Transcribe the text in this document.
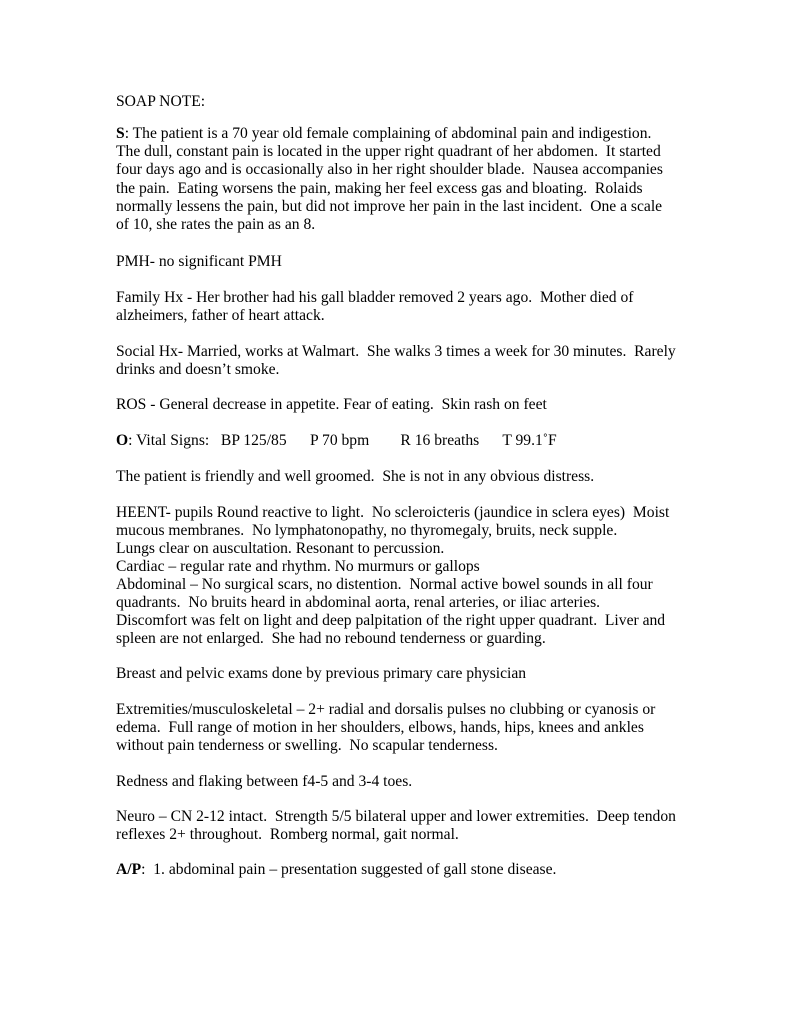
SOAP NOTE:
S: The patient is a 70 year old female complaining of abdominal pain and indigestion.
The dull, constant pain is located in the upper right quadrant of her abdomen.  It started
four days ago and is occasionally also in her right shoulder blade.  Nausea accompanies
the pain.  Eating worsens the pain, making her feel excess gas and bloating.  Rolaids
normally lessens the pain, but did not improve her pain in the last incident.  One a scale
of 10, she rates the pain as an 8.
PMH- no significant PMH
Family Hx - Her brother had his gall bladder removed 2 years ago.  Mother died of
alzheimers, father of heart attack.
Social Hx- Married, works at Walmart.  She walks 3 times a week for 30 minutes.  Rarely
drinks and doesn’t smoke.
ROS - General decrease in appetite. Fear of eating.  Skin rash on feet
O: Vital Signs:   BP 125/85      P 70 bpm        R 16 breaths      T 99.1˚F
The patient is friendly and well groomed.  She is not in any obvious distress.
HEENT- pupils Round reactive to light.  No scleroicteris (jaundice in sclera eyes)  Moist
mucous membranes.  No lymphatonopathy, no thyromegaly, bruits, neck supple.
Lungs clear on auscultation. Resonant to percussion.
Cardiac – regular rate and rhythm. No murmurs or gallops
Abdominal – No surgical scars, no distention.  Normal active bowel sounds in all four
quadrants.  No bruits heard in abdominal aorta, renal arteries, or iliac arteries.
Discomfort was felt on light and deep palpitation of the right upper quadrant.  Liver and
spleen are not enlarged.  She had no rebound tenderness or guarding.
Breast and pelvic exams done by previous primary care physician
Extremities/musculoskeletal – 2+ radial and dorsalis pulses no clubbing or cyanosis or
edema.  Full range of motion in her shoulders, elbows, hands, hips, knees and ankles
without pain tenderness or swelling.  No scapular tenderness.
Redness and flaking between f4-5 and 3-4 toes.
Neuro – CN 2-12 intact.  Strength 5/5 bilateral upper and lower extremities.  Deep tendon
reflexes 2+ throughout.  Romberg normal, gait normal.
A/P:  1. abdominal pain – presentation suggested of gall stone disease.
